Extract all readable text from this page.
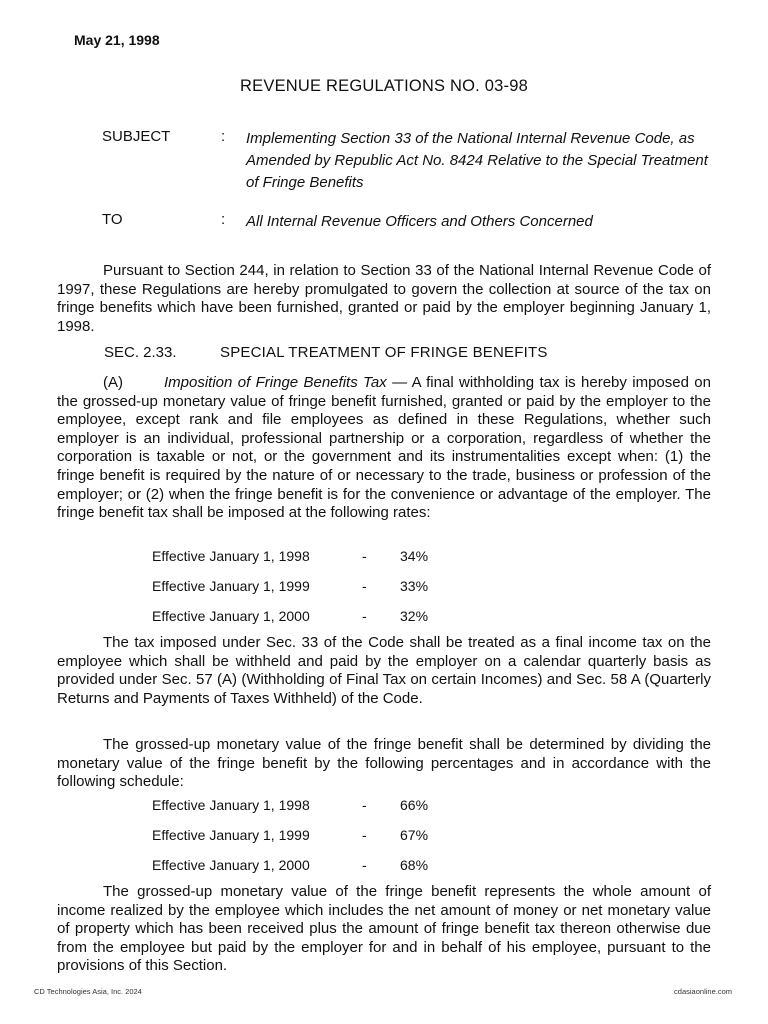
May 21, 1998
REVENUE REGULATIONS NO. 03-98
SUBJECT	: Implementing Section 33 of the National Internal Revenue Code, as Amended by Republic Act No. 8424 Relative to the Special Treatment of Fringe Benefits
TO	: All Internal Revenue Officers and Others Concerned
Pursuant to Section 244, in relation to Section 33 of the National Internal Revenue Code of 1997, these Regulations are hereby promulgated to govern the collection at source of the tax on fringe benefits which have been furnished, granted or paid by the employer beginning January 1, 1998.
SEC. 2.33.	SPECIAL TREATMENT OF FRINGE BENEFITS
(A)	Imposition of Fringe Benefits Tax — A final withholding tax is hereby imposed on the grossed-up monetary value of fringe benefit furnished, granted or paid by the employer to the employee, except rank and file employees as defined in these Regulations, whether such employer is an individual, professional partnership or a corporation, regardless of whether the corporation is taxable or not, or the government and its instrumentalities except when: (1) the fringe benefit is required by the nature of or necessary to the trade, business or profession of the employer; or (2) when the fringe benefit is for the convenience or advantage of the employer. The fringe benefit tax shall be imposed at the following rates:
Effective January 1, 1998	- 34%
Effective January 1, 1999	- 33%
Effective January 1, 2000	- 32%
The tax imposed under Sec. 33 of the Code shall be treated as a final income tax on the employee which shall be withheld and paid by the employer on a calendar quarterly basis as provided under Sec. 57 (A) (Withholding of Final Tax on certain Incomes) and Sec. 58 A (Quarterly Returns and Payments of Taxes Withheld) of the Code.
The grossed-up monetary value of the fringe benefit shall be determined by dividing the monetary value of the fringe benefit by the following percentages and in accordance with the following schedule:
Effective January 1, 1998	- 66%
Effective January 1, 1999	- 67%
Effective January 1, 2000	- 68%
The grossed-up monetary value of the fringe benefit represents the whole amount of income realized by the employee which includes the net amount of money or net monetary value of property which has been received plus the amount of fringe benefit tax thereon otherwise due from the employee but paid by the employer for and in behalf of his employee, pursuant to the provisions of this Section.
CD Technologies Asia, Inc. 2024	cdasiaonline.com
